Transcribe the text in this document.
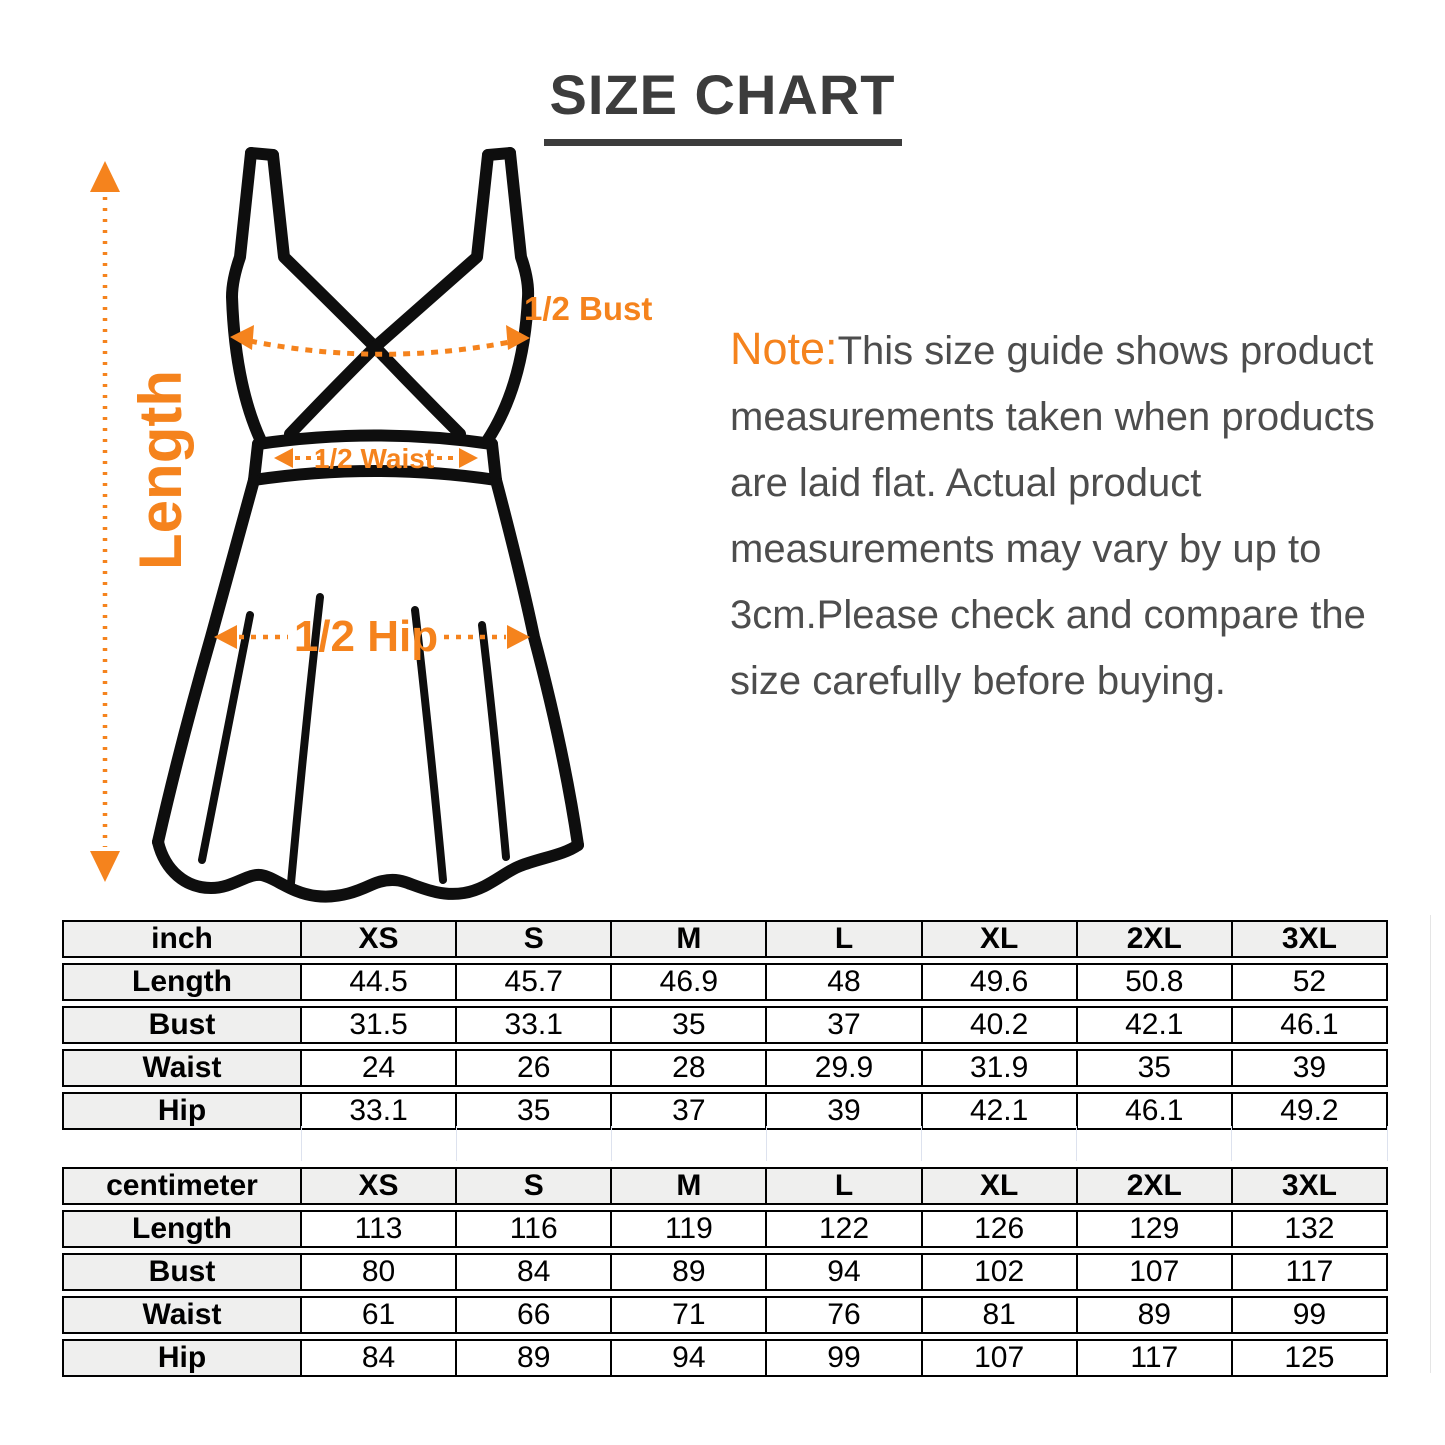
SIZE CHART
Length
1/2 Bust
1/2 Waist
1/2 Hip
Note:This size guide shows product measurements taken when products are laid flat. Actual product measurements may vary by up to 3cm.Please check and compare the size carefully before buying.
inch	XS	S	M	L	XL	2XL	3XL
Length	44.5	45.7	46.9	48	49.6	50.8	52
Bust	31.5	33.1	35	37	40.2	42.1	46.1
Waist	24	26	28	29.9	31.9	35	39
Hip	33.1	35	37	39	42.1	46.1	49.2
centimeter	XS	S	M	L	XL	2XL	3XL
Length	113	116	119	122	126	129	132
Bust	80	84	89	94	102	107	117
Waist	61	66	71	76	81	89	99
Hip	84	89	94	99	107	117	125
